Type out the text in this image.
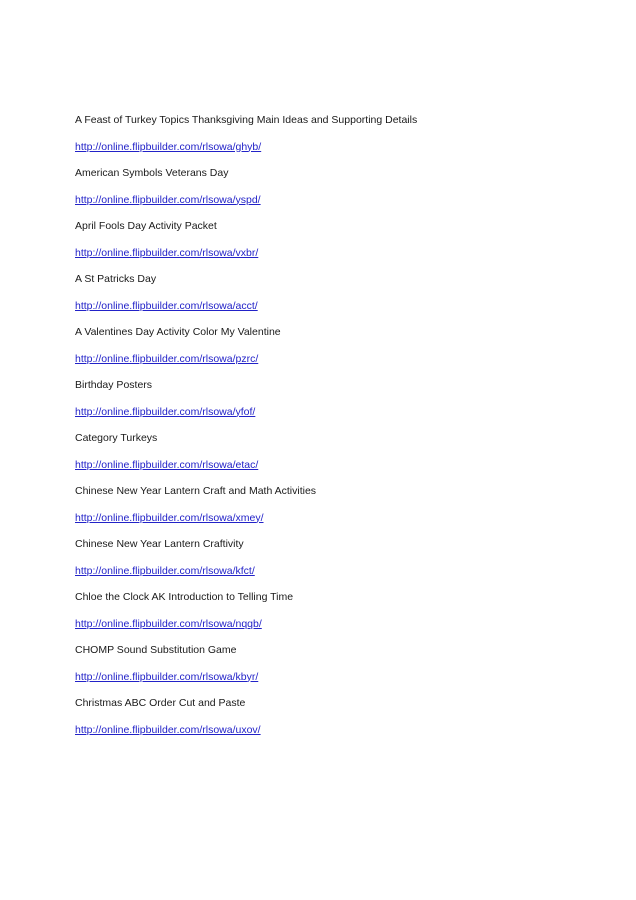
A Feast of Turkey Topics Thanksgiving Main Ideas and Supporting Details
http://online.flipbuilder.com/rlsowa/ghyb/
American Symbols Veterans Day
http://online.flipbuilder.com/rlsowa/yspd/
April Fools Day Activity Packet
http://online.flipbuilder.com/rlsowa/vxbr/
A St Patricks Day
http://online.flipbuilder.com/rlsowa/acct/
A Valentines Day Activity Color My Valentine
http://online.flipbuilder.com/rlsowa/pzrc/
Birthday Posters
http://online.flipbuilder.com/rlsowa/yfof/
Category Turkeys
http://online.flipbuilder.com/rlsowa/etac/
Chinese New Year Lantern Craft and Math Activities
http://online.flipbuilder.com/rlsowa/xmey/
Chinese New Year Lantern Craftivity
http://online.flipbuilder.com/rlsowa/kfct/
Chloe the Clock AK Introduction to Telling Time
http://online.flipbuilder.com/rlsowa/nqqb/
CHOMP Sound Substitution Game
http://online.flipbuilder.com/rlsowa/kbyr/
Christmas ABC Order Cut and Paste
http://online.flipbuilder.com/rlsowa/uxov/
